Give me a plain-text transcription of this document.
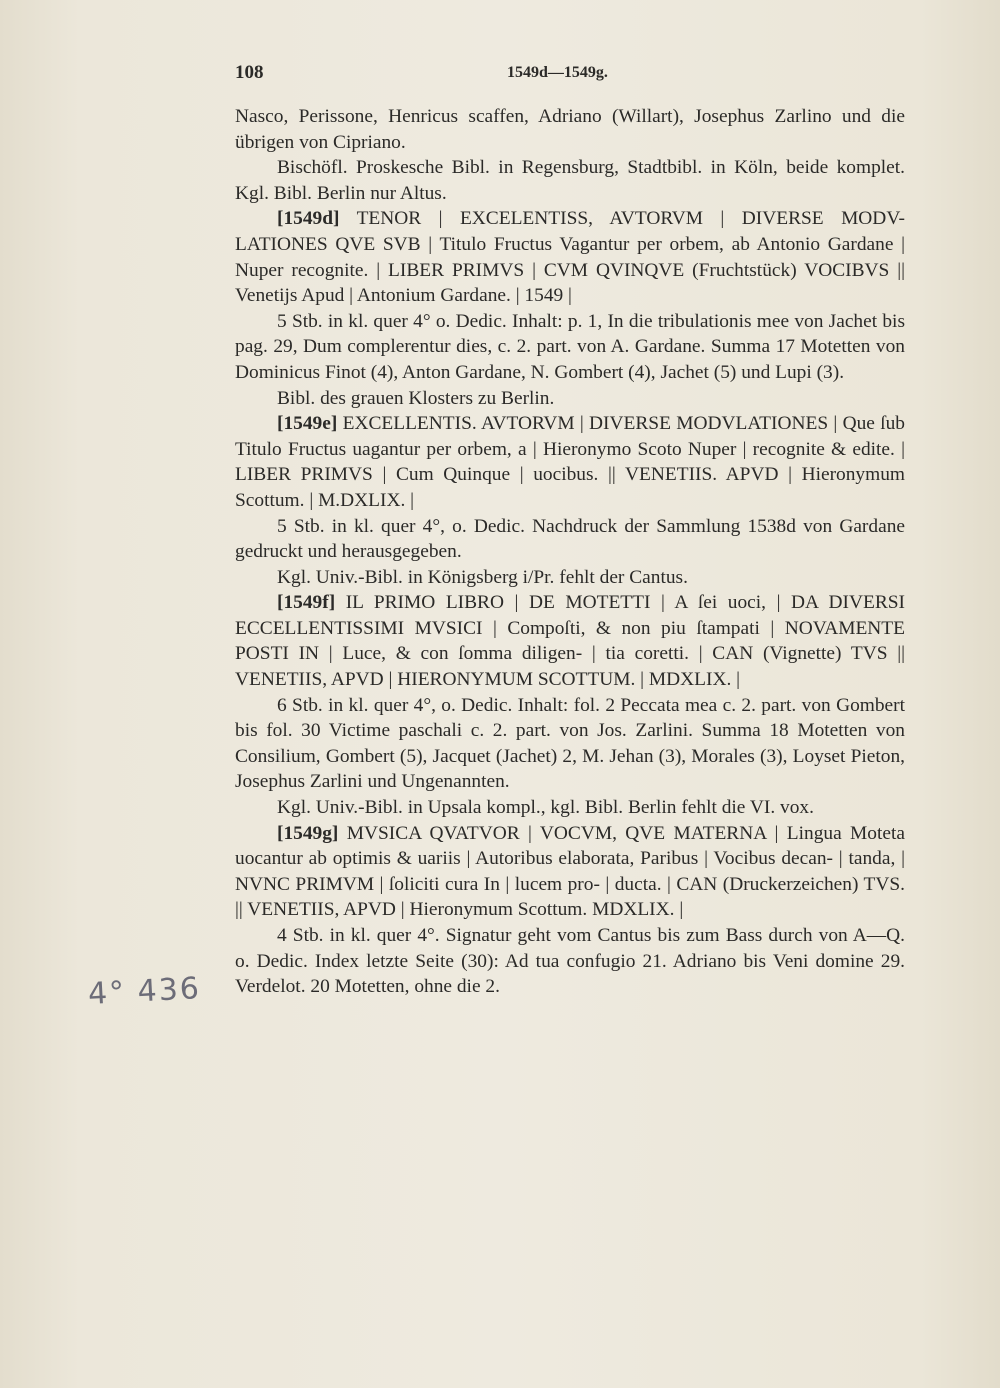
108	1549d—1549g.

Nasco, Perissone, Henricus scaffen, Adriano (Willart), Josephus Zarlino und die übrigen von Cipriano.

Bischöfl. Proskesche Bibl. in Regensburg, Stadtbibl. in Köln, beide komplet. Kgl. Bibl. Berlin nur Altus.

[1549d] TENOR | EXCELENTISS, AVTORVM | DIVERSE MODV-LATIONES QVE SVB | Titulo Fructus Vagantur per orbem, ab Antonio Gardane | Nuper recognite. | LIBER PRIMVS | CVM QVINQVE (Fruchtstück) VOCIBVS || Venetijs Apud | Antonium Gardane. | 1549 |

5 Stb. in kl. quer 4° o. Dedic. Inhalt: p. 1, In die tribulationis mee von Jachet bis pag. 29, Dum complerentur dies, c. 2. part. von A. Gardane. Summa 17 Motetten von Dominicus Finot (4), Anton Gardane, N. Gombert (4), Jachet (5) und Lupi (3).

Bibl. des grauen Klosters zu Berlin.

[1549e] EXCELLENTIS. AVTORVM | DIVERSE MODVLATIONES | Que ſub Titulo Fructus uagantur per orbem, a | Hieronymo Scoto Nuper | recognite & edite. | LIBER PRIMVS | Cum Quinque | uocibus. || VENETIIS. APVD | Hieronymum Scottum. | M.DXLIX. |

5 Stb. in kl. quer 4°, o. Dedic. Nachdruck der Sammlung 1538d von Gardane gedruckt und herausgegeben.

Kgl. Univ.-Bibl. in Königsberg i/Pr. fehlt der Cantus.

[1549f] IL PRIMO LIBRO | DE MOTETTI | A ſei uoci, | DA DIVERSI ECCELLENTISSIMI MVSICI | Compoſti, & non piu ſtampati | NOVAMENTE POSTI IN | Luce, & con ſomma diligen- | tia coretti. | CAN (Vignette) TVS || VENETIIS, APVD | HIERONYMUM SCOTTUM. | MDXLIX. |

6 Stb. in kl. quer 4°, o. Dedic. Inhalt: fol. 2 Peccata mea c. 2. part. von Gombert bis fol. 30 Victime paschali c. 2. part. von Jos. Zarlini. Summa 18 Motetten von Consilium, Gombert (5), Jacquet (Jachet) 2, M. Jehan (3), Morales (3), Loyset Pieton, Josephus Zarlini und Ungenannten.

Kgl. Univ.-Bibl. in Upsala kompl., kgl. Bibl. Berlin fehlt die VI. vox.

[1549g] MVSICA QVATVOR | VOCVM, QVE MATERNA | Lingua Moteta uocantur ab optimis & uariis | Autoribus elaborata, Paribus | Vocibus decan- | tanda, | NVNC PRIMVM | ſoliciti cura In | lucem pro- | ducta. | CAN (Druckerzeichen) TVS. || VENETIIS, APVD | Hieronymum Scottum. MDXLIX. |

4 Stb. in kl. quer 4°. Signatur geht vom Cantus bis zum Bass durch von A—Q. o. Dedic. Index letzte Seite (30): Ad tua confugio 21. Adriano bis Veni domine 29. Verdelot. 20 Motetten, ohne die 2.

4° 436
